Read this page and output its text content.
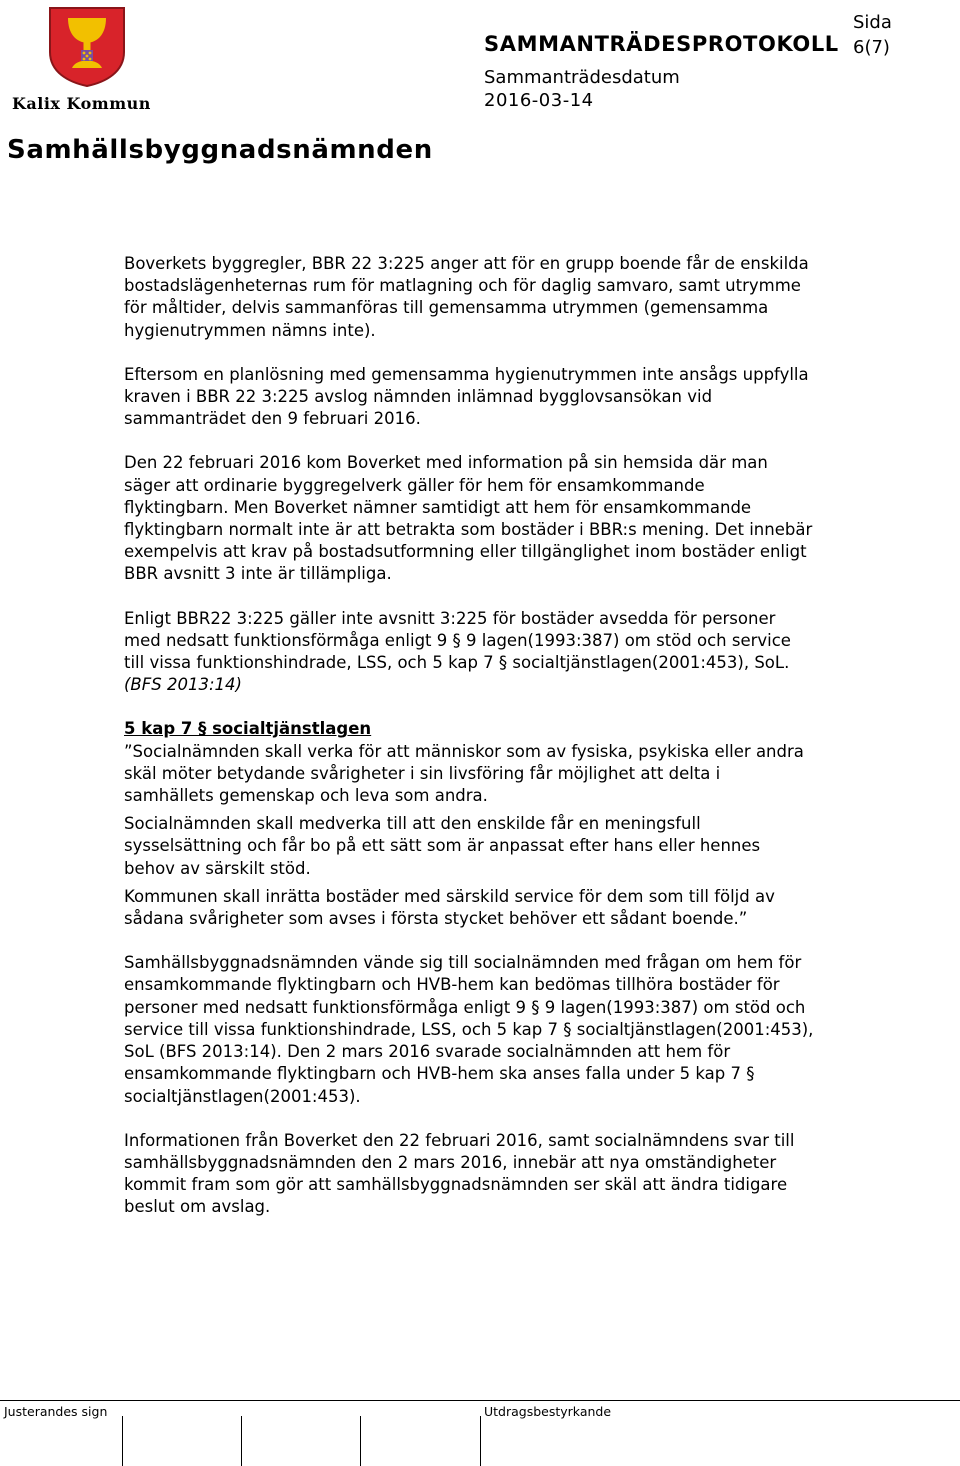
Kalix Kommun
SAMMANTRÄDESPROTOKOLL
Sida
6(7)
Sammanträdesdatum
2016-03-14
Samhällsbyggnadsnämnden

Boverkets byggregler, BBR 22 3:225 anger att för en grupp boende får de enskilda bostadslägenheternas rum för matlagning och för daglig samvaro, samt utrymme för måltider, delvis sammanföras till gemensamma utrymmen (gemensamma hygienutrymmen nämns inte).

Eftersom en planlösning med gemensamma hygienutrymmen inte ansågs uppfylla kraven i BBR 22 3:225 avslog nämnden inlämnad bygglovsansökan vid sammanträdet den 9 februari 2016.

Den 22 februari 2016 kom Boverket med information på sin hemsida där man säger att ordinarie byggregelverk gäller för hem för ensamkommande flyktingbarn. Men Boverket nämner samtidigt att hem för ensamkommande flyktingbarn normalt inte är att betrakta som bostäder i BBR:s mening. Det innebär exempelvis att krav på bostadsutformning eller tillgänglighet inom bostäder enligt BBR avsnitt 3 inte är tillämpliga.

Enligt BBR22 3:225 gäller inte avsnitt 3:225 för bostäder avsedda för personer med nedsatt funktionsförmåga enligt 9 § 9 lagen(1993:387) om stöd och service till vissa funktionshindrade, LSS, och 5 kap 7 § socialtjänstlagen(2001:453), SoL.(BFS 2013:14)

5 kap 7 § socialtjänstlagen

”Socialnämnden skall verka för att människor som av fysiska, psykiska eller andra skäl möter betydande svårigheter i sin livsföring får möjlighet att delta i samhällets gemenskap och leva som andra.

Socialnämnden skall medverka till att den enskilde får en meningsfull sysselsättning och får bo på ett sätt som är anpassat efter hans eller hennes behov av särskilt stöd.

Kommunen skall inrätta bostäder med särskild service för dem som till följd av sådana svårigheter som avses i första stycket behöver ett sådant boende.”

Samhällsbyggnadsnämnden vände sig till socialnämnden med frågan om hem för ensamkommande flyktingbarn och HVB-hem kan bedömas tillhöra bostäder för personer med nedsatt funktionsförmåga enligt 9 § 9 lagen(1993:387) om stöd och service till vissa funktionshindrade, LSS, och 5 kap 7 § socialtjänstlagen(2001:453), SoL (BFS 2013:14). Den 2 mars 2016 svarade socialnämnden att hem för ensamkommande flyktingbarn och HVB-hem ska anses falla under 5 kap 7 § socialtjänstlagen(2001:453).

Informationen från Boverket den 22 februari 2016, samt socialnämndens svar till samhällsbyggnadsnämnden den 2 mars 2016, innebär att nya omständigheter kommit fram som gör att samhällsbyggnadsnämnden ser skäl att ändra tidigare beslut om avslag.

Justerandes sign	Utdragsbestyrkande
